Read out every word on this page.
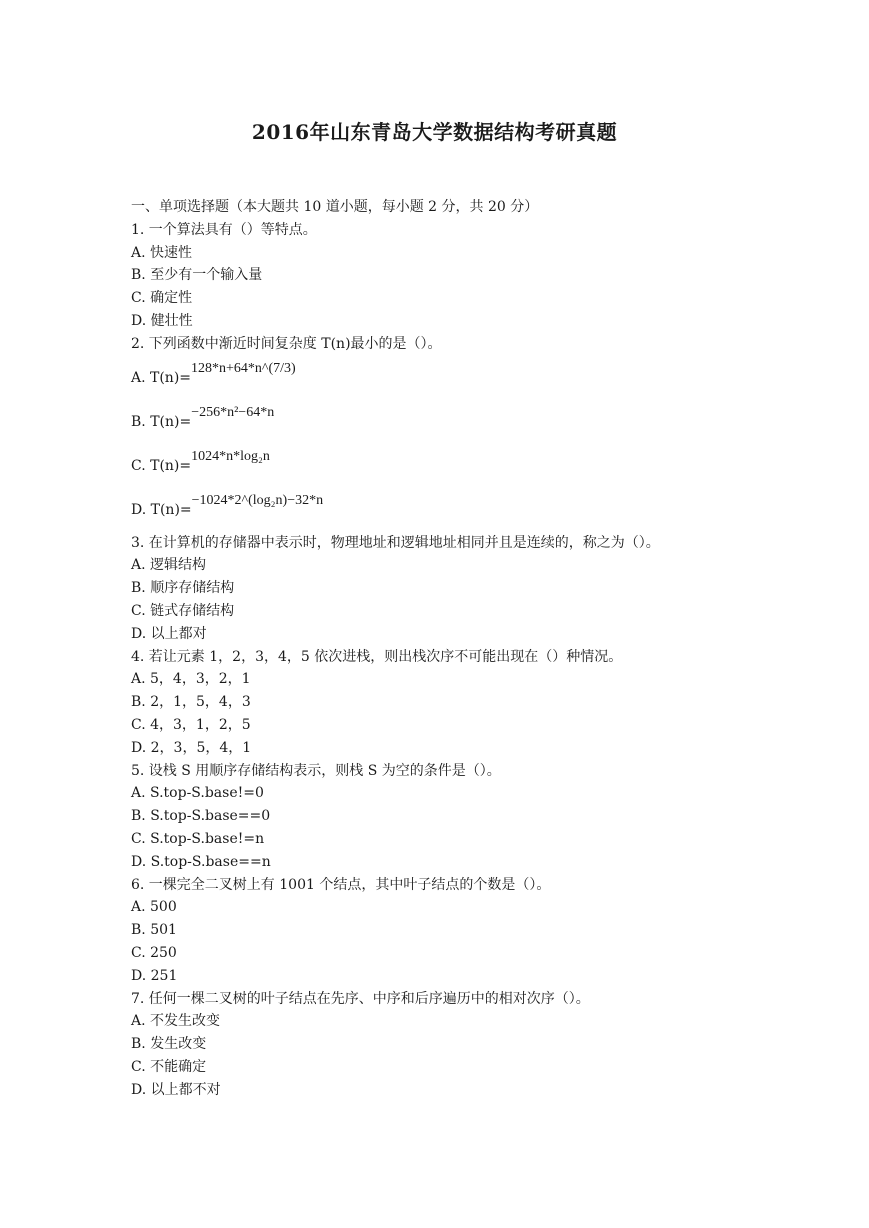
2016年山东青岛大学数据结构考研真题
一、单项选择题（本大题共 10 道小题，每小题 2 分，共 20 分）
1. 一个算法具有（）等特点。
A. 快速性
B. 至少有一个输入量
C. 确定性
D. 健壮性
2. 下列函数中渐近时间复杂度 T(n)最小的是（）。
A. T(n)=128*n+64*n^(7/3)
B. T(n)=−256*n²−64*n
C. T(n)=1024*n*log₂n
D. T(n)=−1024*2^(log₂n)−32*n
3. 在计算机的存储器中表示时，物理地址和逻辑地址相同并且是连续的，称之为（）。
A. 逻辑结构
B. 顺序存储结构
C. 链式存储结构
D. 以上都对
4. 若让元素 1，2，3，4，5 依次进栈，则出栈次序不可能出现在（）种情况。
A. 5，4，3，2，1
B. 2，1，5，4，3
C. 4，3，1，2，5
D. 2，3，5，4，1
5. 设栈 S 用顺序存储结构表示，则栈 S 为空的条件是（）。
A. S.top-S.base!=0
B. S.top-S.base==0
C. S.top-S.base!=n
D. S.top-S.base==n
6. 一棵完全二叉树上有 1001 个结点，其中叶子结点的个数是（）。
A. 500
B. 501
C. 250
D. 251
7. 任何一棵二叉树的叶子结点在先序、中序和后序遍历中的相对次序（）。
A. 不发生改变
B. 发生改变
C. 不能确定
D. 以上都不对
